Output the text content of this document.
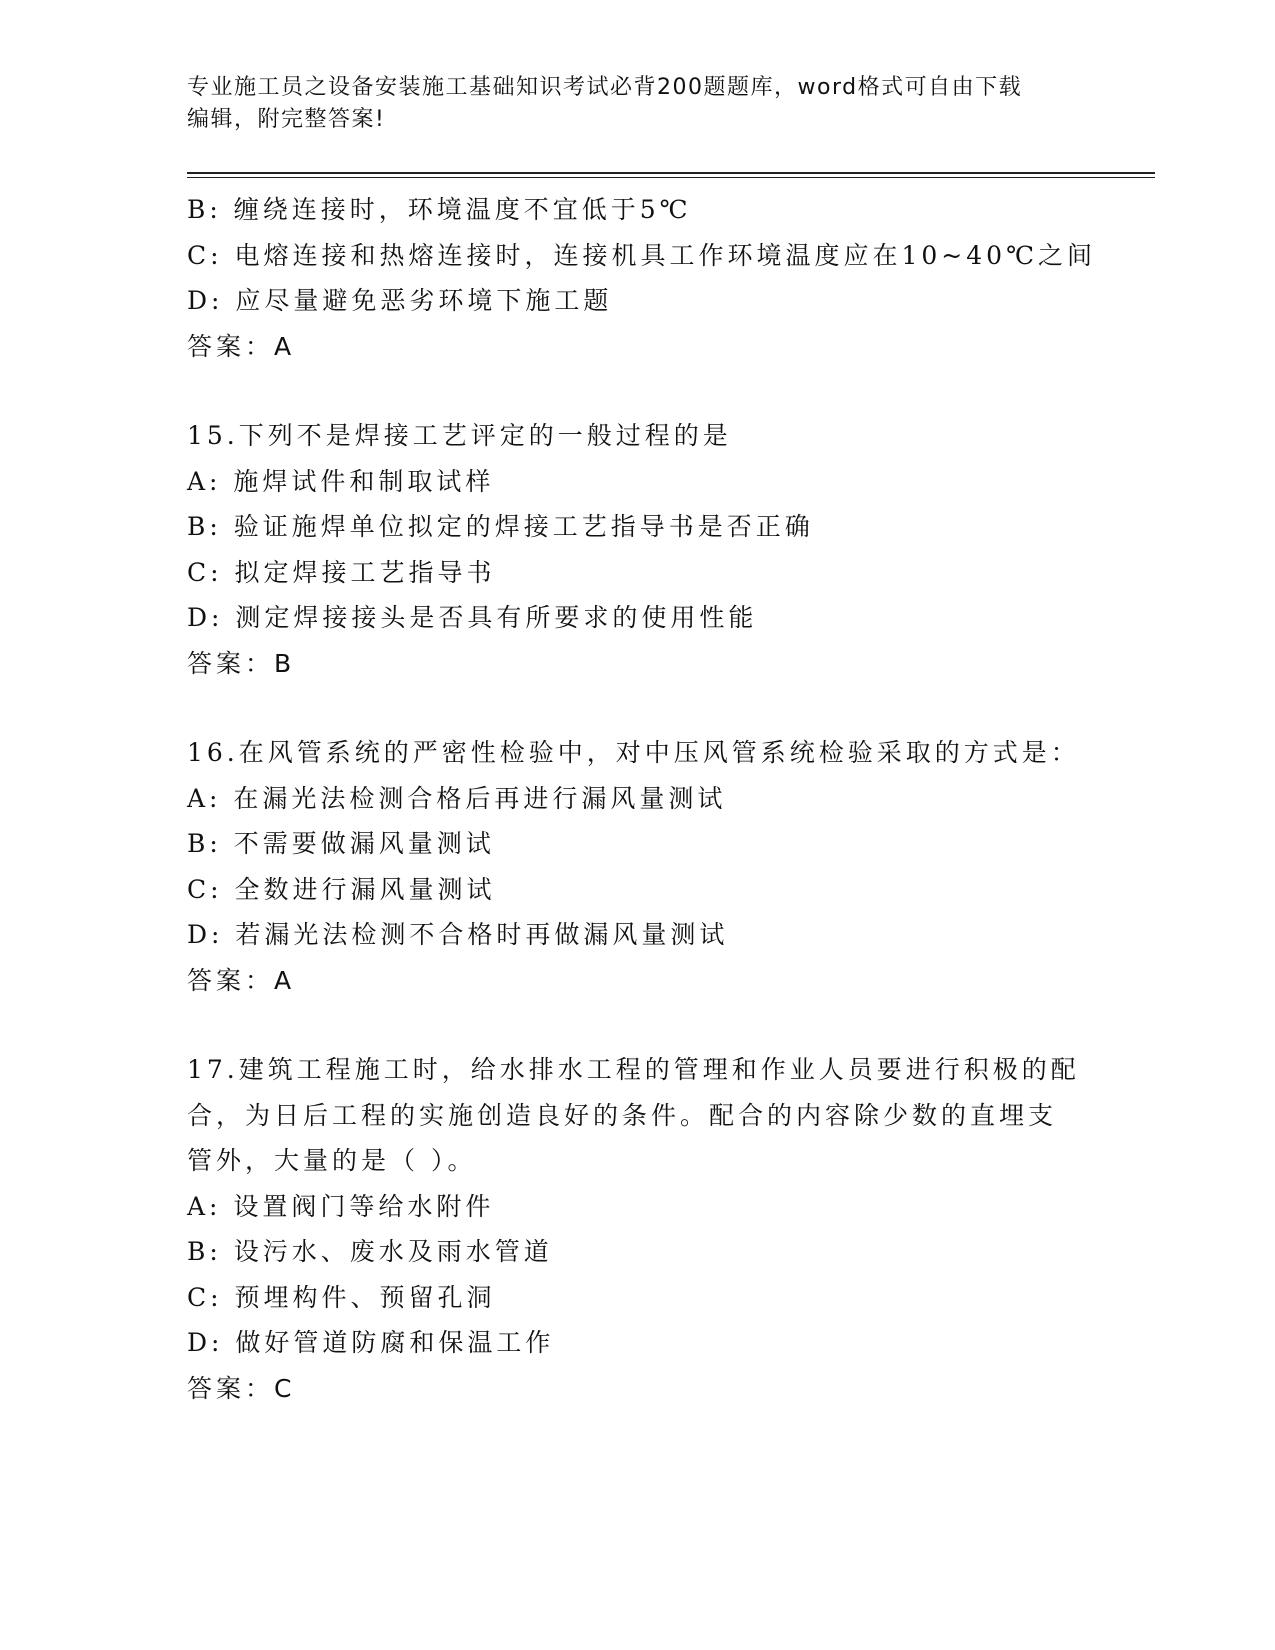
专业施工员之设备安装施工基础知识考试必背200题题库，word格式可自由下载
编辑，附完整答案!
B: 缠绕连接时，环境温度不宜低于5℃
C: 电熔连接和热熔连接时，连接机具工作环境温度应在10~40℃之间
D: 应尽量避免恶劣环境下施工题
答案：A
15.下列不是焊接工艺评定的一般过程的是
A: 施焊试件和制取试样
B: 验证施焊单位拟定的焊接工艺指导书是否正确
C: 拟定焊接工艺指导书
D: 测定焊接接头是否具有所要求的使用性能
答案：B
16.在风管系统的严密性检验中，对中压风管系统检验采取的方式是：
A: 在漏光法检测合格后再进行漏风量测试
B: 不需要做漏风量测试
C: 全数进行漏风量测试
D: 若漏光法检测不合格时再做漏风量测试
答案：A
17.建筑工程施工时，给水排水工程的管理和作业人员要进行积极的配
合，为日后工程的实施创造良好的条件。配合的内容除少数的直埋支
管外，大量的是（ ）。
A: 设置阀门等给水附件
B: 设污水、废水及雨水管道
C: 预埋构件、预留孔洞
D: 做好管道防腐和保温工作
答案：C
